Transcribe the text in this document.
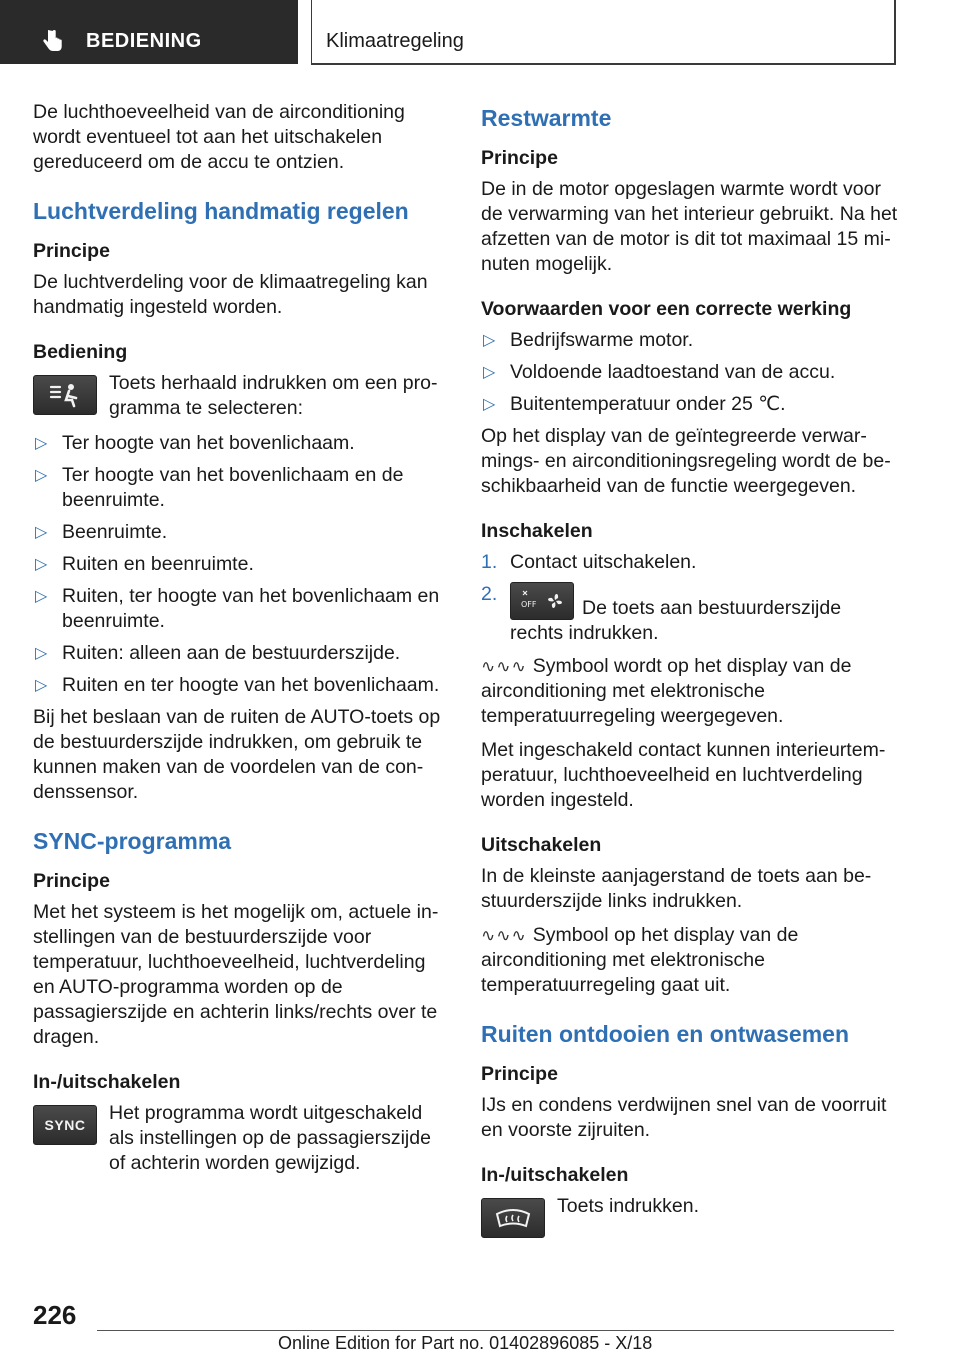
BEDIENING	Klimaatregeling

De luchthoeveelheid van de airconditioning wordt eventueel tot aan het uitschakelen gereduceerd om de accu te ontzien.

Luchtverdeling handmatig regelen
Principe

De luchtverdeling voor de klimaatregeling kan handmatig ingesteld worden.

Bediening
Toets herhaald indrukken om een programma te selecteren:
▷ Ter hoogte van het bovenlichaam.
▷ Ter hoogte van het bovenlichaam en de beenruimte.
▷ Beenruimte.
▷ Ruiten en beenruimte.
▷ Ruiten, ter hoogte van het bovenlichaam en beenruimte.
▷ Ruiten: alleen aan de bestuurderszijde.
▷ Ruiten en ter hoogte van het bovenlichaam.

Bij het beslaan van de ruiten de AUTO-toets op de bestuurderszijde indrukken, om gebruik te kunnen maken van de voordelen van de condenssensor.

SYNC-programma
Principe

Met het systeem is het mogelijk om, actuele instellingen van de bestuurderszijde voor temperatuur, luchthoeveelheid, luchtverdeling en AUTO-programma worden op de passagierszijde en achterin links/rechts over te dragen.

In-/uitschakelen
SYNC
Het programma wordt uitgeschakeld als instellingen op de passagierszijde of achterin worden gewijzigd.
Restwarmte
Principe

De in de motor opgeslagen warmte wordt voor de verwarming van het interieur gebruikt. Na het afzetten van de motor is dit tot maximaal 15 minuten mogelijk.

Voorwaarden voor een correcte werking
▷ Bedrijfswarme motor.
▷ Voldoende laadtoestand van de accu.
▷ Buitentemperatuur onder 25 ℃.

Op het display van de geïntegreerde verwarmings- en airconditioningsregeling wordt de beschikbaarheid van de functie weergegeven.

Inschakelen
1. Contact uitschakelen.
2.	OFF De toets aan bestuurderszijde rechts indrukken.

∿∿∿ Symbool wordt op het display van de airconditioning met elektronische temperatuurregeling weergegeven.

Met ingeschakeld contact kunnen interieurtemperatuur, luchthoeveelheid en luchtverdeling worden ingesteld.

Uitschakelen

In de kleinste aanjagerstand de toets aan bestuurderszijde links indrukken.

∿∿∿ Symbool op het display van de airconditioning met elektronische temperatuurregeling gaat uit.

Ruiten ontdooien en ontwasemen
Principe

IJs en condens verdwijnen snel van de voorruit en voorste zijruiten.

In-/uitschakelen
Toets indrukken.
226
Online Edition for Part no. 01402896085 - X/18
